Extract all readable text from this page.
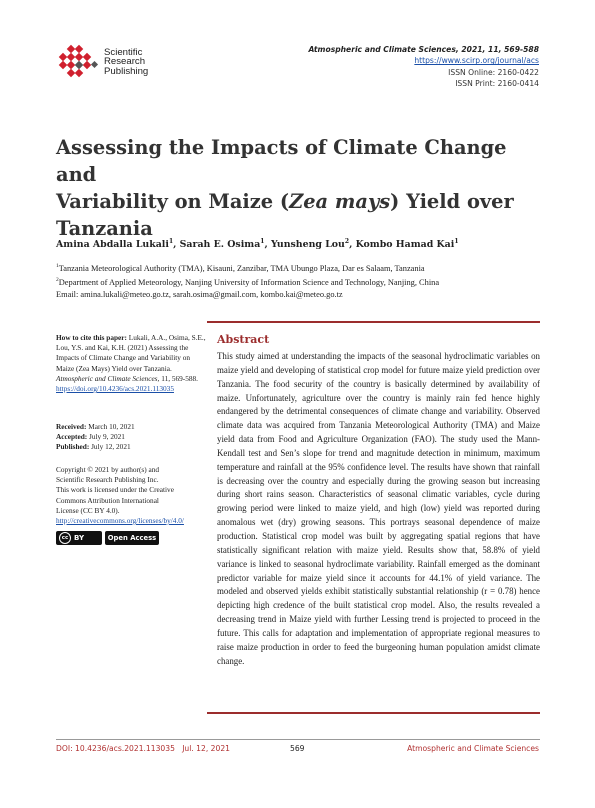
Scientific
Research
Publishing
Atmospheric and Climate Sciences, 2021, 11, 569-588
https://www.scirp.org/journal/acs
ISSN Online: 2160-0422
ISSN Print: 2160-0414
Assessing the Impacts of Climate Change and
Variability on Maize (Zea mays) Yield over
Tanzania
Amina Abdalla Lukali$^1$, Sarah E. Osima$^1$, Yunsheng Lou$^2$, Kombo Hamad Kai$^1$
$^1$Tanzania Meteorological Authority (TMA), Kisauni, Zanzibar, TMA Ubungo Plaza, Dar es Salaam, Tanzania
$^2$Department of Applied Meteorology, Nanjing University of Information Science and Technology, Nanjing, China
Email: amina.lukali@meteo.go.tz, sarah.osima@gmail.com, kombo.kai@meteo.go.tz
How to cite this paper: Lukali, A.A., Osima, S.E., Lou, Y.S. and Kai, K.H. (2021) Assessing the Impacts of Climate Change and Variability on Maize (Zea Mays) Yield over Tanzania. Atmospheric and Climate Sciences, 11, 569-588.
https://doi.org/10.4236/acs.2021.113035
Received: March 10, 2021
Accepted: July 9, 2021
Published: July 12, 2021
Copyright © 2021 by author(s) and
Scientific Research Publishing Inc.
This work is licensed under the Creative
Commons Attribution International
License (CC BY 4.0).
http://creativecommons.org/licenses/by/4.0/
cc BY	Open Access
Abstract
This study aimed at understanding the impacts of the seasonal hydroclimatic variables on maize yield and developing of statistical crop model for future maize yield prediction over Tanzania. The food security of the country is basically determined by availability of maize. Unfortunately, agriculture over the country is mainly rain fed hence highly endangered by the detrimental consequences of climate change and variability. Observed climate data was acquired from Tanzania Meteorological Authority (TMA) and Maize yield data from Food and Agriculture Organization (FAO). The study used the Mann-Kendall test and Sen’s slope for trend and magnitude detection in minimum, maximum temperature and rainfall at the 95% confidence level. The results have shown that rainfall is decreasing over the country and especially during the growing season but increasing during short rains season. Characteristics of seasonal climatic variables, cycle during growing period were linked to maize yield, and high (low) yield was reported during anomalous wet (dry) growing seasons. This portrays seasonal dependence of maize production. Statistical crop model was built by aggregating spatial regions that have statistically significant relation with maize yield. Results show that, 58.8% of yield variance is linked to seasonal hydroclimate variability. Rainfall emerged as the dominant predictor variable for maize yield since it accounts for 44.1% of yield variance. The modeled and observed yields exhibit statistically substantial relationship (r = 0.78) hence depicting high credence of the built statistical crop model. Also, the results revealed a decreasing trend in Maize yield with further Lessing trend is projected to proceed in the future. This calls for adaptation and implementation of appropriate regional measures to raise maize production in order to feed the burgeoning human population amidst climate change.
DOI: 10.4236/acs.2021.113035 Jul. 12, 2021	569	Atmospheric and Climate Sciences
